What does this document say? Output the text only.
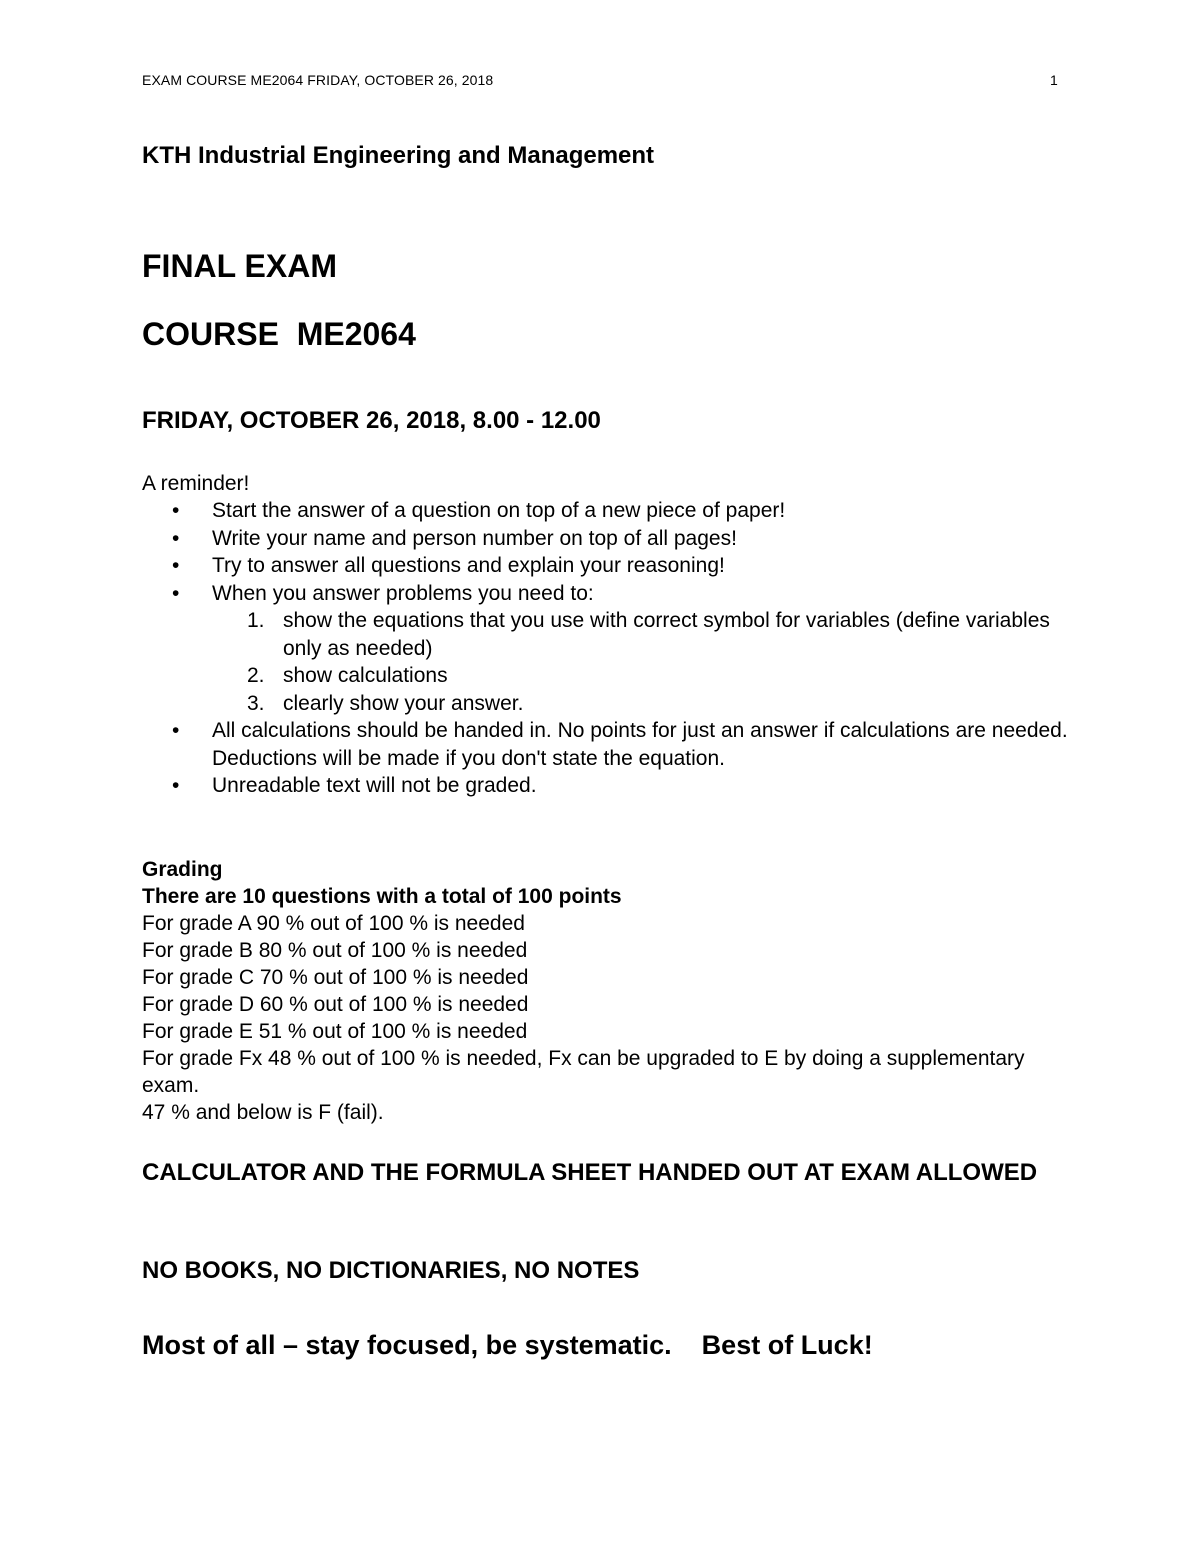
EXAM COURSE ME2064 FRIDAY, OCTOBER 26, 2018	1
KTH Industrial Engineering and Management
FINAL EXAM
COURSE  ME2064
FRIDAY, OCTOBER 26, 2018, 8.00 - 12.00
A reminder!
• Start the answer of a question on top of a new piece of paper!
• Write your name and person number on top of all pages!
• Try to answer all questions and explain your reasoning!
• When you answer problems you need to:
1. show the equations that you use with correct symbol for variables (define variables only as needed)
2. show calculations
3. clearly show your answer.
• All calculations should be handed in. No points for just an answer if calculations are needed. Deductions will be made if you don't state the equation.
• Unreadable text will not be graded.
Grading
There are 10 questions with a total of 100 points
For grade A 90 % out of 100 % is needed
For grade B 80 % out of 100 % is needed
For grade C 70 % out of 100 % is needed
For grade D 60 % out of 100 % is needed
For grade E 51 % out of 100 % is needed
For grade Fx 48 % out of 100 % is needed, Fx can be upgraded to E by doing a supplementary exam.
47 % and below is F (fail).
CALCULATOR AND THE FORMULA SHEET HANDED OUT AT EXAM ALLOWED
NO BOOKS, NO DICTIONARIES, NO NOTES
Most of all – stay focused, be systematic.    Best of Luck!
